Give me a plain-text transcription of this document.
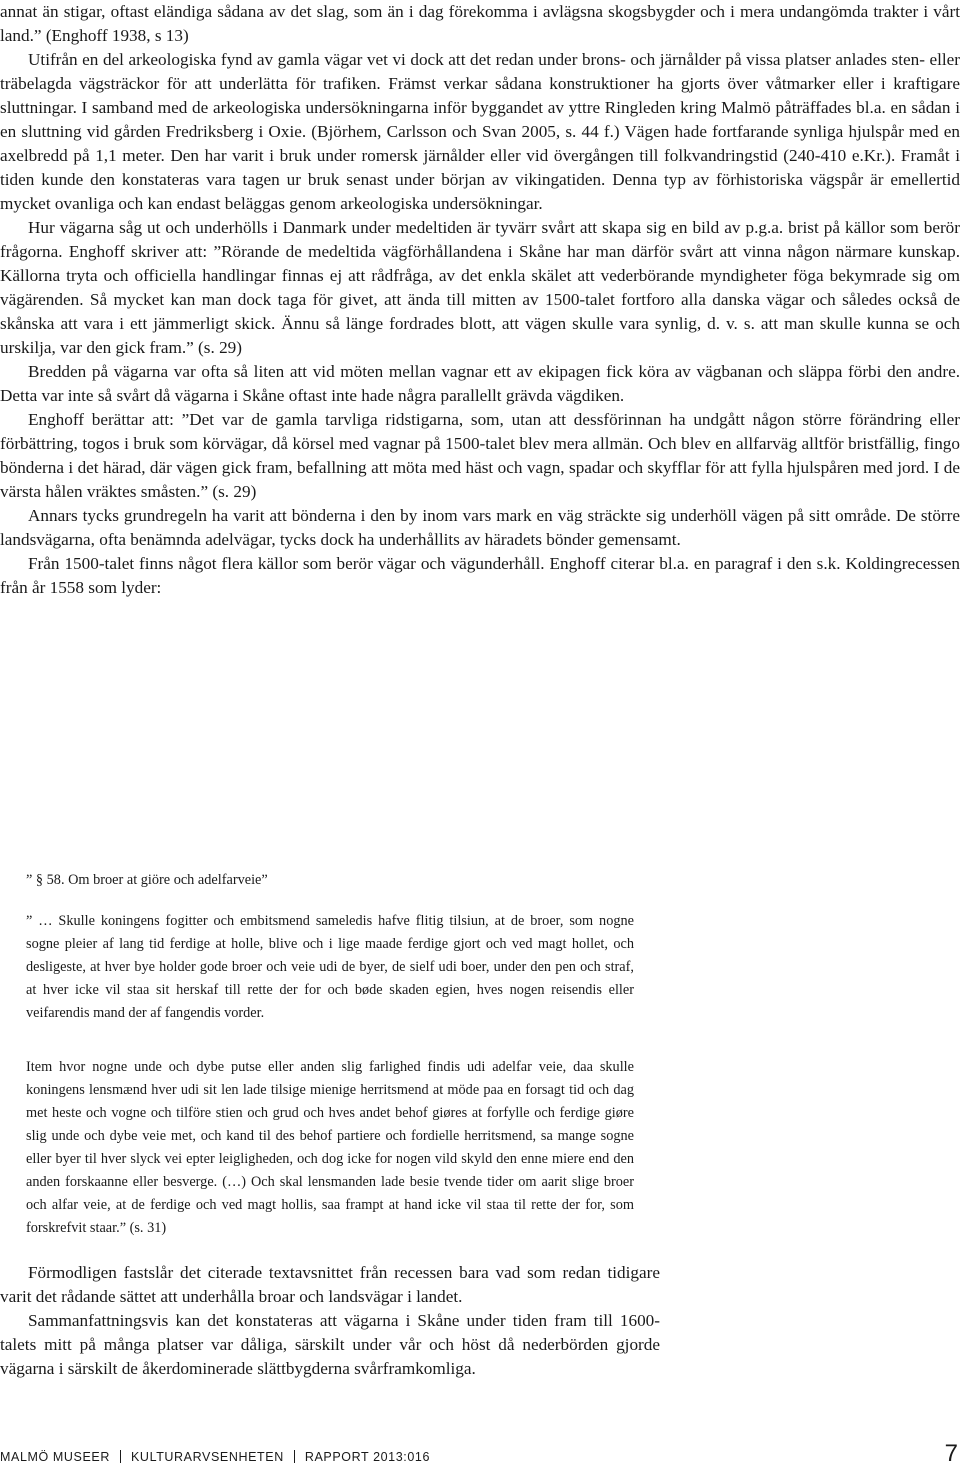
annat än stigar, oftast eländiga sådana av det slag, som än i dag förekomma i avlägsna skogsbygder och i mera undangömda trakter i vårt land.” (Enghoff 1938, s 13)

Utifrån en del arkeologiska fynd av gamla vägar vet vi dock att det redan under brons- och järnålder på vissa platser anlades sten- eller träbelagda vägsträckor för att underlätta för trafiken. Främst verkar sådana konstruktioner ha gjorts över våtmarker eller i kraftigare sluttningar. I samband med de arkeologiska undersökningarna inför byggandet av yttre Ringleden kring Malmö påträffades bl.a. en sådan i en sluttning vid gården Fredriksberg i Oxie. (Björhem, Carlsson och Svan 2005, s. 44 f.) Vägen hade fortfarande synliga hjulspår med en axelbredd på 1,1 meter. Den har varit i bruk under romersk järnålder eller vid övergången till folkvandringstid (240-410 e.Kr.). Framåt i tiden kunde den konstateras vara tagen ur bruk senast under början av vikingatiden. Denna typ av förhistoriska vägspår är emellertid mycket ovanliga och kan endast beläggas genom arkeologiska undersökningar.

Hur vägarna såg ut och underhölls i Danmark under medeltiden är tyvärr svårt att skapa sig en bild av p.g.a. brist på källor som berör frågorna. Enghoff skriver att: ”Rörande de medeltida vägförhållandena i Skåne har man därför svårt att vinna någon närmare kunskap. Källorna tryta och officiella handlingar finnas ej att rådfråga, av det enkla skälet att vederbörande myndigheter föga bekymrade sig om vägärenden. Så mycket kan man dock taga för givet, att ända till mitten av 1500-talet fortforo alla danska vägar och således också de skånska att vara i ett jämmerligt skick. Ännu så länge fordrades blott, att vägen skulle vara synlig, d. v. s. att man skulle kunna se och urskilja, var den gick fram.” (s. 29)

Bredden på vägarna var ofta så liten att vid möten mellan vagnar ett av ekipagen fick köra av vägbanan och släppa förbi den andre. Detta var inte så svårt då vägarna i Skåne oftast inte hade några parallellt grävda vägdiken.

Enghoff berättar att: ”Det var de gamla tarvliga ridstigarna, som, utan att dessförinnan ha undgått någon större förändring eller förbättring, togos i bruk som körvägar, då körsel med vagnar på 1500-talet blev mera allmän. Och blev en allfarväg alltför bristfällig, fingo bönderna i det härad, där vägen gick fram, befallning att möta med häst och vagn, spadar och skyfflar för att fylla hjulspåren med jord. I de värsta hålen vräktes småsten.” (s. 29)

Annars tycks grundregeln ha varit att bönderna i den by inom vars mark en väg sträckte sig underhöll vägen på sitt område. De större landsvägarna, ofta benämnda adelvägar, tycks dock ha underhållits av häradets bönder gemensamt.

Från 1500-talet finns något flera källor som berör vägar och vägunderhåll. Enghoff citerar bl.a. en paragraf i den s.k. Koldingrecessen från år 1558 som lyder:

” § 58. Om broer at giöre och adelfarveie”

” … Skulle koningens fogitter och embitsmend sameledis hafve flitig tilsiun, at de broer, som nogne sogne pleier af lang tid ferdige at holle, blive och i lige maade ferdige gjort och ved magt hollet, och desligeste, at hver bye holder gode broer och veie udi de byer, de sielf udi boer, under den pen och straf, at hver icke vil staa sit herskaf till rette der for och bøde skaden egien, hves nogen reisendis eller veifarendis mand der af fangendis vorder.

Item hvor nogne unde och dybe putse eller anden slig farlighed findis udi adelfar veie, daa skulle koningens lensmænd hver udi sit len lade tilsige mienige herritsmend at möde paa en forsagt tid och dag met heste och vogne och tilföre stien och grud och hves andet behof giøres at forfylle och ferdige giøre slig unde och dybe veie met, och kand til des behof partiere och fordielle herritsmend, sa mange sogne eller byer til hver slyck vei epter leigligheden, och dog icke for nogen vild skyld den enne miere end den anden forskaanne eller besverge. (…) Och skal lensmanden lade besie tvende tider om aarit slige broer och alfar veie, at de ferdige och ved magt hollis, saa frampt at hand icke vil staa til rette der for, som forskrefvit staar.” (s. 31)

Förmodligen fastslår det citerade textavsnittet från recessen bara vad som redan tidigare varit det rådande sättet att underhålla broar och landsvägar i landet.

Sammanfattningsvis kan det konstateras att vägarna i Skåne under tiden fram till 1600-talets mitt på många platser var dåliga, särskilt under vår och höst då nederbörden gjorde vägarna i särskilt de åkerdominerade slättbygderna svårframkomliga.

MALMÖ MUSEER KULTURARVSENHETEN RAPPORT 2013:016	7
